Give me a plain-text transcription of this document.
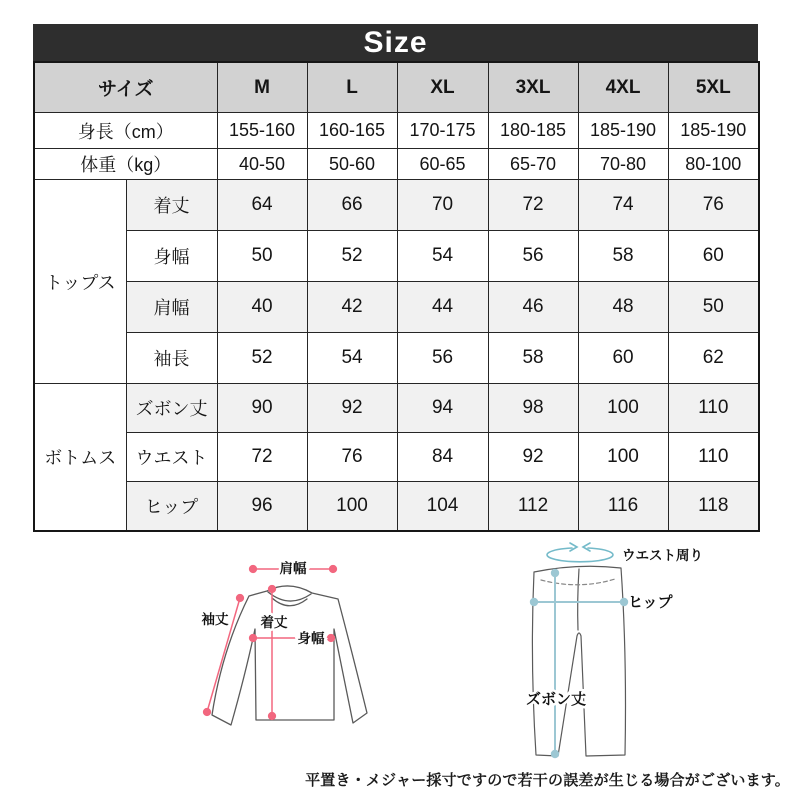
Size
サイズ		M	L	XL	3XL	4XL	5XL
身長（cm）		155-160	160-165	170-175	180-185	185-190	185-190
体重（kg）		40-50	50-60	60-65	65-70	70-80	80-100
トップス	着丈	64	66	70	72	74	76
	身幅	50	52	54	56	58	60
	肩幅	40	42	44	46	48	50
	袖長	52	54	56	58	60	62
ボトムス	ズボン丈	90	92	94	98	100	110
	ウエスト	72	76	84	92	100	110
	ヒップ	96	100	104	112	116	118
肩幅
袖丈 着丈
身幅
ウエスト周り
ヒップ
ズボン丈
平置き・メジャー採寸ですので若干の誤差が生じる場合がございます。
